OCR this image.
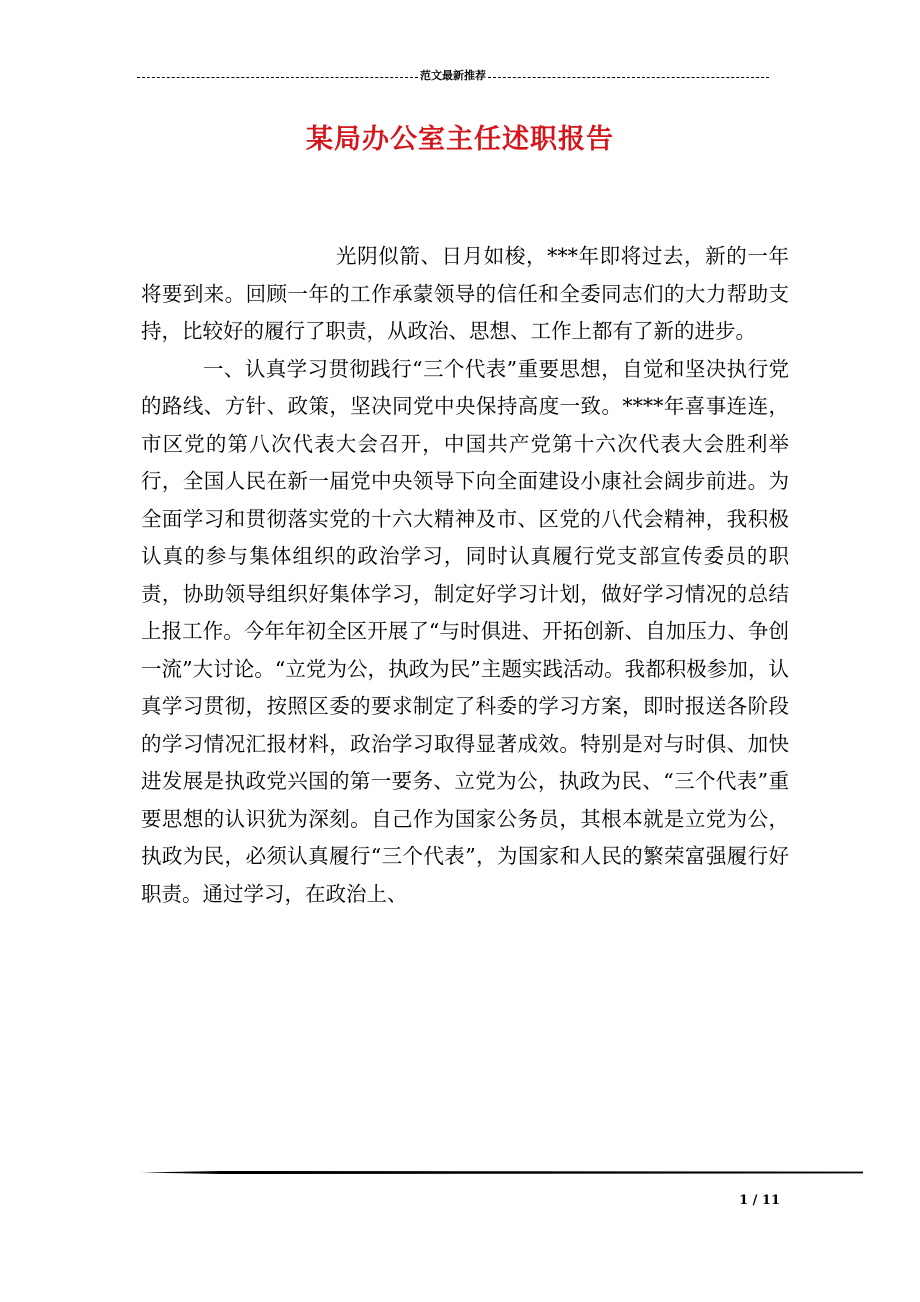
范文最新推荐
某局办公室主任述职报告

光阴似箭、日月如梭，***年即将过去，新的一年将要到来。回顾一年的工作承蒙领导的信任和全委同志们的大力帮助支持，比较好的履行了职责，从政治、思想、工作上都有了新的进步。

一、认真学习贯彻践行“三个代表”重要思想，自觉和坚决执行党的路线、方针、政策，坚决同党中央保持高度一致。****年喜事连连，市区党的第八次代表大会召开，中国共产党第十六次代表大会胜利举行，全国人民在新一届党中央领导下向全面建设小康社会阔步前进。为全面学习和贯彻落实党的十六大精神及市、区党的八代会精神，我积极认真的参与集体组织的政治学习，同时认真履行党支部宣传委员的职责，协助领导组织好集体学习，制定好学习计划，做好学习情况的总结上报工作。今年年初全区开展了“与时俱进、开拓创新、自加压力、争创一流”大讨论。“立党为公，执政为民”主题实践活动。我都积极参加，认真学习贯彻，按照区委的要求制定了科委的学习方案，即时报送各阶段的学习情况汇报材料，政治学习取得显著成效。特别是对与时俱、加快进发展是执政党兴国的第一要务、立党为公，执政为民、“三个代表”重要思想的认识犹为深刻。自己作为国家公务员，其根本就是立党为公，执政为民，必须认真履行“三个代表”，为国家和人民的繁荣富强履行好职责。通过学习，在政治上、

1 / 11
